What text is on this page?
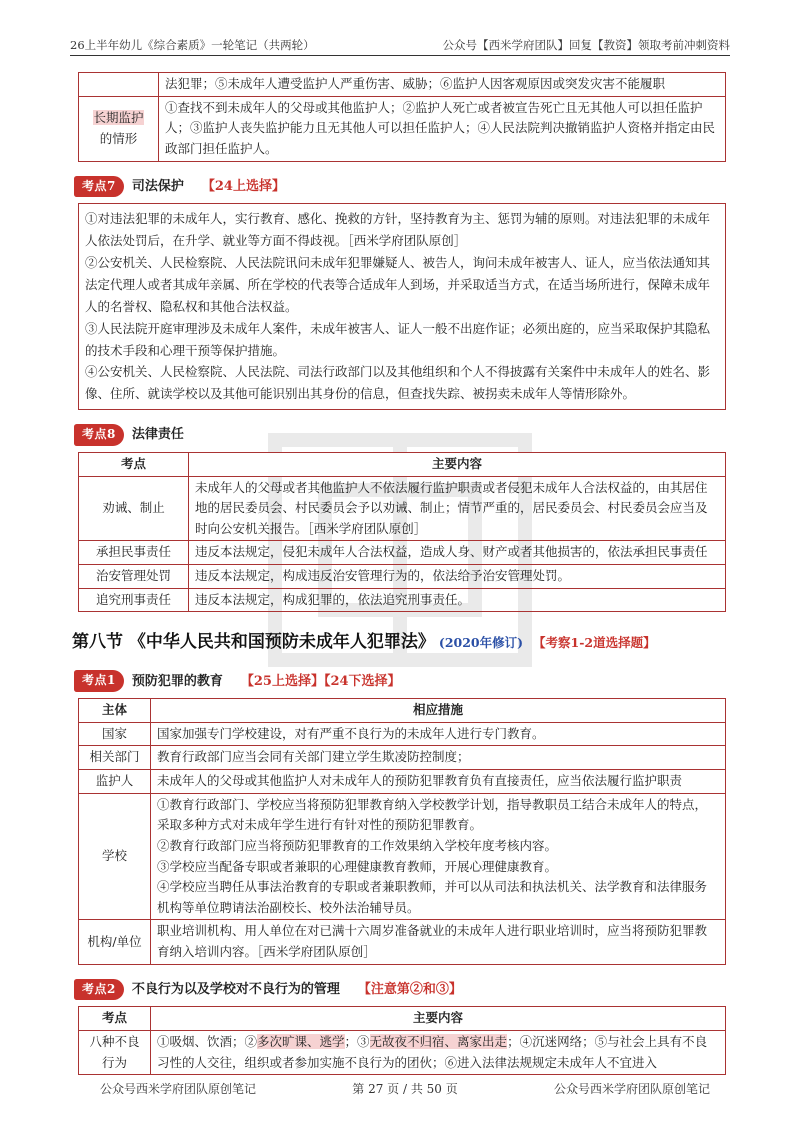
26上半年幼儿《综合素质》一轮笔记（共两轮）	公众号【西米学府团队】回复【教资】领取考前冲刺资料
	法犯罪；⑤未成年人遭受监护人严重伤害、威胁；⑥监护人因客观原因或突发灾害不能履职
长期监护
的情形	①查找不到未成年人的父母或其他监护人；②监护人死亡或者被宣告死亡且无其他人可以担任监护人；③监护人丧失监护能力且无其他人可以担任监护人；④人民法院判决撤销监护人资格并指定由民政部门担任监护人。
考点7	司法保护 【24上选择】

①对违法犯罪的未成年人，实行教育、感化、挽救的方针，坚持教育为主、惩罚为辅的原则。对违法犯罪的未成年人依法处罚后，在升学、就业等方面不得歧视。［西米学府团队原创］

②公安机关、人民检察院、人民法院讯问未成年犯罪嫌疑人、被告人，询问未成年被害人、证人，应当依法通知其法定代理人或者其成年亲属、所在学校的代表等合适成年人到场，并采取适当方式，在适当场所进行，保障未成年人的名誉权、隐私权和其他合法权益。

③人民法院开庭审理涉及未成年人案件，未成年被害人、证人一般不出庭作证；必须出庭的，应当采取保护其隐私的技术手段和心理干预等保护措施。

④公安机关、人民检察院、人民法院、司法行政部门以及其他组织和个人不得披露有关案件中未成年人的姓名、影像、住所、就读学校以及其他可能识别出其身份的信息，但查找失踪、被拐卖未成年人等情形除外。

考点8	法律责任
考点	主要内容
劝诫、制止	未成年人的父母或者其他监护人不依法履行监护职责或者侵犯未成年人合法权益的，由其居住地的居民委员会、村民委员会予以劝诫、制止；情节严重的，居民委员会、村民委员会应当及时向公安机关报告。［西米学府团队原创］
承担民事责任	违反本法规定，侵犯未成年人合法权益，造成人身、财产或者其他损害的，依法承担民事责任
治安管理处罚	违反本法规定，构成违反治安管理行为的，依法给予治安管理处罚。
追究刑事责任	违反本法规定，构成犯罪的，依法追究刑事责任。
第八节 《中华人民共和国预防未成年人犯罪法》 (2020年修订) 【考察1-2道选择题】
考点1	预防犯罪的教育 【25上选择】【24下选择】
主体	相应措施
国家	国家加强专门学校建设，对有严重不良行为的未成年人进行专门教育。
相关部门	教育行政部门应当会同有关部门建立学生欺凌防控制度；
监护人	未成年人的父母或其他监护人对未成年人的预防犯罪教育负有直接责任，应当依法履行监护职责
学校	①教育行政部门、学校应当将预防犯罪教育纳入学校教学计划，指导教职员工结合未成年人的特点，采取多种方式对未成年学生进行有针对性的预防犯罪教育。
②教育行政部门应当将预防犯罪教育的工作效果纳入学校年度考核内容。
③学校应当配备专职或者兼职的心理健康教育教师，开展心理健康教育。
④学校应当聘任从事法治教育的专职或者兼职教师，并可以从司法和执法机关、法学教育和法律服务机构等单位聘请法治副校长、校外法治辅导员。

机构/单位	职业培训机构、用人单位在对已满十六周岁准备就业的未成年人进行职业培训时，应当将预防犯罪教育纳入培训内容。［西米学府团队原创］
考点2	不良行为以及学校对不良行为的管理 【注意第②和③】
考点	主要内容
八种不良行为	①吸烟、饮酒；②多次旷课、逃学；③无故夜不归宿、离家出走；④沉迷网络；⑤与社会上具有不良习性的人交往，组织或者参加实施不良行为的团伙；⑥进入法律法规规定未成年人不宜进入
公众号西米学府团队原创笔记	第 27 页 / 共 50 页	公众号西米学府团队原创笔记
